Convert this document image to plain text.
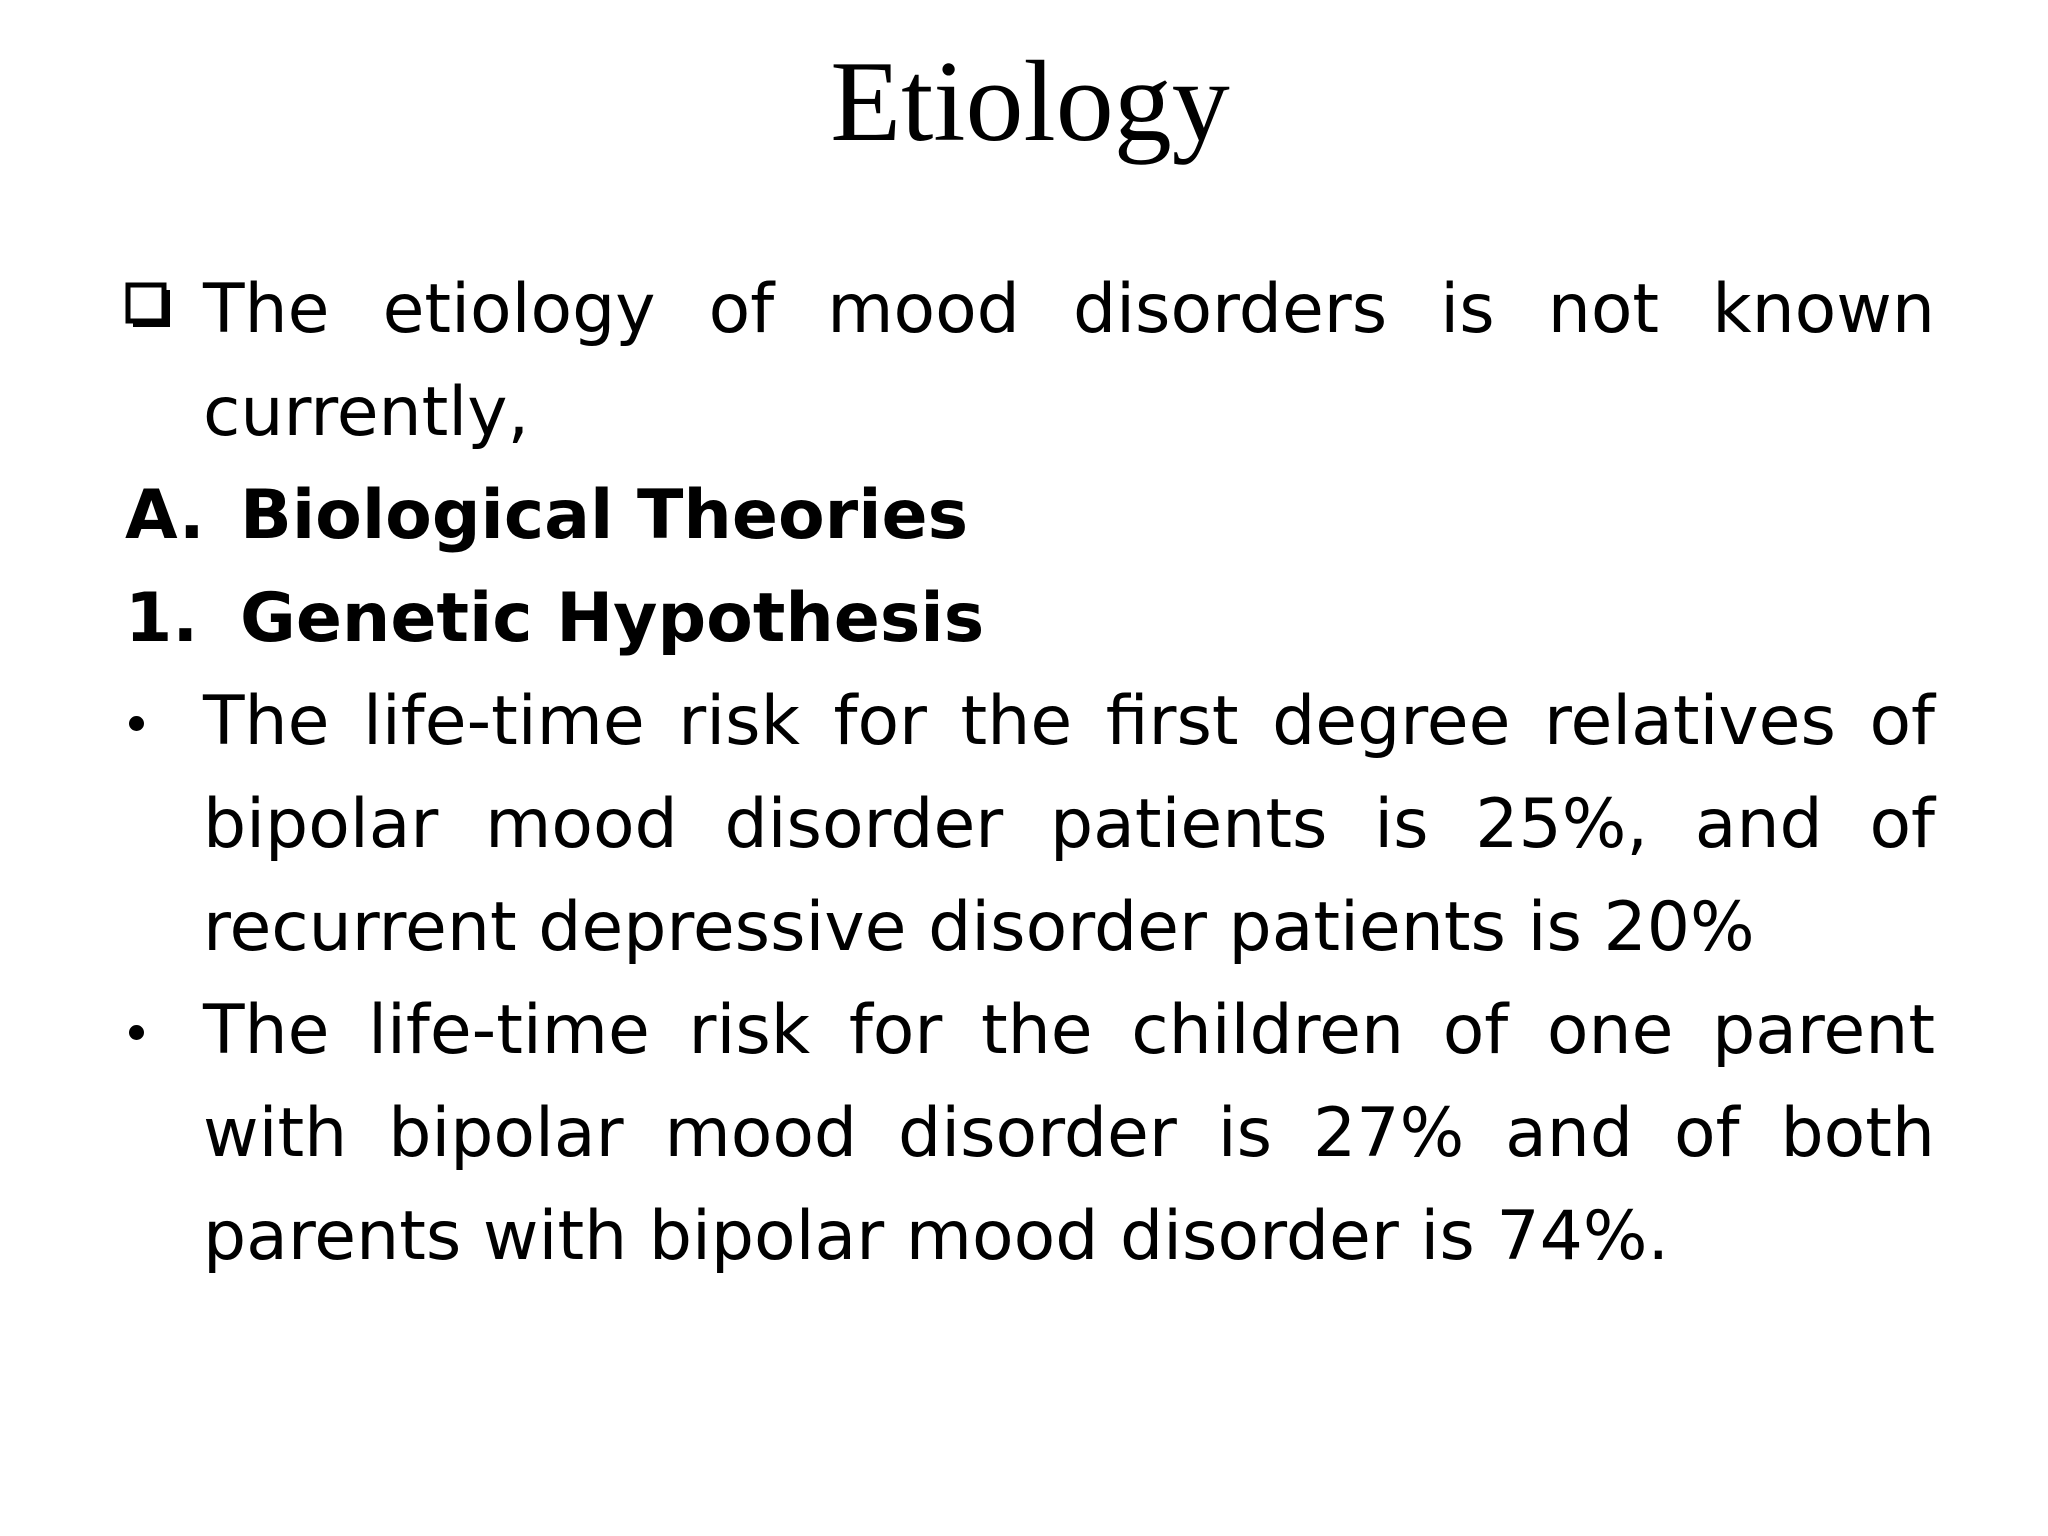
Etiology
The etiology of mood disorders is not known currently,
A. Biological Theories
1. Genetic Hypothesis
The life-time risk for the first degree relatives of bipolar mood disorder patients is 25%, and of recurrent depressive disorder patients is 20%
The life-time risk for the children of one parent with bipolar mood disorder is 27% and of both parents with bipolar mood disorder is 74%.
